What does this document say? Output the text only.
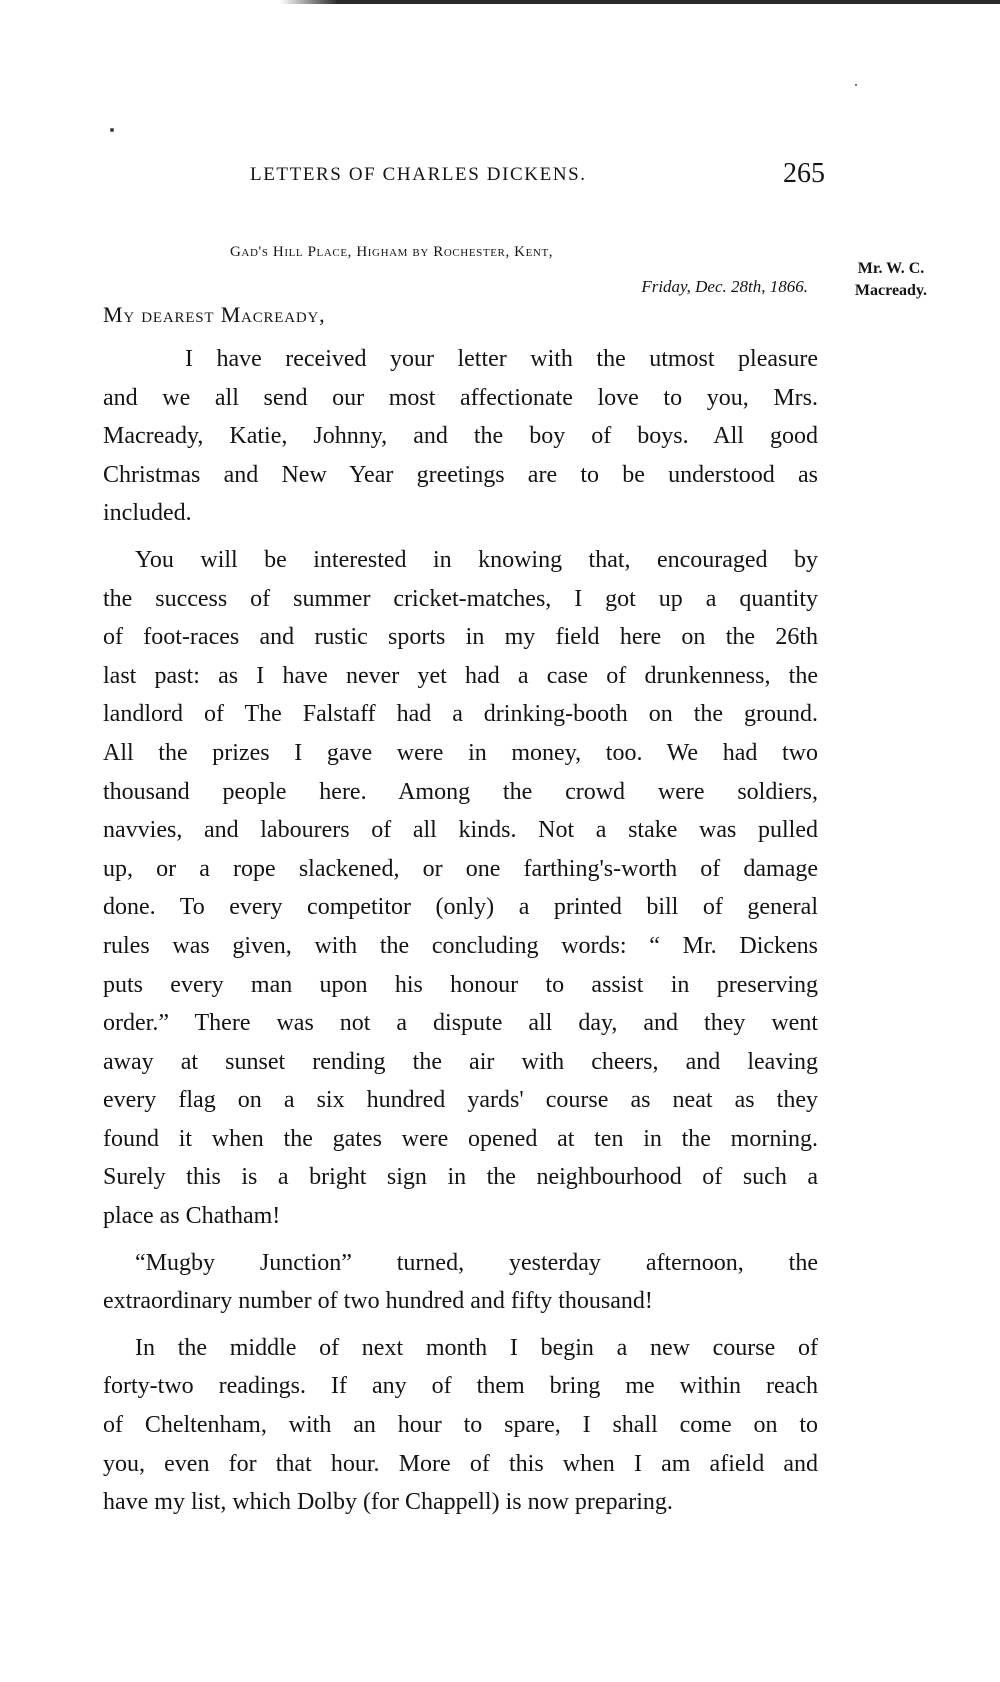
LETTERS OF CHARLES DICKENS.	265
Gad's Hill Place, Higham by Rochester, Kent,
Friday, Dec. 28th, 1866.
Mr. W. C.
Macready.
My dearest Macready,

I have received your letter with the utmost pleasure
and we all send our most affectionate love to you, Mrs.
Macready, Katie, Johnny, and the boy of boys. All good
Christmas and New Year greetings are to be understood as
included.

You will be interested in knowing that, encouraged by
the success of summer cricket-matches, I got up a quantity
of foot-races and rustic sports in my field here on the 26th
last past: as I have never yet had a case of drunkenness, the
landlord of The Falstaff had a drinking-booth on the ground.
All the prizes I gave were in money, too. We had two
thousand people here. Among the crowd were soldiers,
navvies, and labourers of all kinds. Not a stake was pulled
up, or a rope slackened, or one farthing's-worth of damage
done. To every competitor (only) a printed bill of general
rules was given, with the concluding words: “ Mr. Dickens
puts every man upon his honour to assist in preserving
order.” There was not a dispute all day, and they went
away at sunset rending the air with cheers, and leaving
every flag on a six hundred yards' course as neat as they
found it when the gates were opened at ten in the morning.
Surely this is a bright sign in the neighbourhood of such a
place as Chatham!

“Mugby Junction” turned, yesterday afternoon, the
extraordinary number of two hundred and fifty thousand!

In the middle of next month I begin a new course of
forty-two readings. If any of them bring me within reach
of Cheltenham, with an hour to spare, I shall come on to
you, even for that hour. More of this when I am afield and
have my list, which Dolby (for Chappell) is now preparing.
